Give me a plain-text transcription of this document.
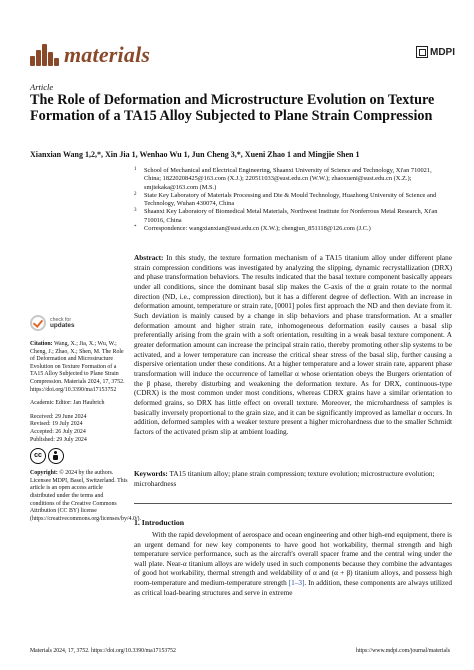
materials	MDPI
Article
The Role of Deformation and Microstructure Evolution on Texture Formation of a TA15 Alloy Subjected to Plane Strain Compression
Xianxian Wang 1,2,*, Xin Jia 1, Wenhao Wu 1, Jun Cheng 3,*, Xueni Zhao 1 and Mingjie Shen 1
1 School of Mechanical and Electrical Engineering, Shaanxi University of Science and Technology, Xi'an 710021, China; 18220208425@163.com (X.J.); 220511033@sust.edu.cn (W.W.); zhaoxueni@sust.edu.cn (X.Z.); smjiekaka@163.com (M.S.)
2 State Key Laboratory of Materials Processing and Die & Mould Technology, Huazhong University of Science and Technology, Wuhan 430074, China
3 Shaanxi Key Laboratory of Biomedical Metal Materials, Northwest Institute for Nonferrous Metal Research, Xi'an 710016, China
* Correspondence: wangxianxian@sust.edu.cn (X.W.); chengjun_851118@126.com (J.C.)
Abstract: In this study, the texture formation mechanism of a TA15 titanium alloy under different plane strain compression conditions was investigated by analyzing the slipping, dynamic recrystallization (DRX) and phase transformation behaviors. The results indicated that the basal texture component basically appears under all conditions, since the dominant basal slip makes the C-axis of the α grain rotate to the normal direction (ND, i.e., compression direction), but it has a different degree of deflection. With an increase in deformation amount, temperature or strain rate, [0001] poles first approach the ND and then deviate from it. Such deviation is mainly caused by a change in slip behaviors and phase transformation. At a smaller deformation amount and higher strain rate, inhomogeneous deformation easily causes a basal slip preferentially arising from the grain with a soft orientation, resulting in a weak basal texture component. A greater deformation amount can increase the principal strain ratio, thereby promoting other slip systems to be activated, and a lower temperature can increase the critical shear stress of the basal slip, further causing a dispersive orientation under these conditions. At a higher temperature and a lower strain rate, apparent phase transformation will induce the occurrence of lamellar α whose orientation obeys the Burgers orientation of the β phase, thereby disturbing and weakening the deformation texture. As for DRX, continuous-type (CDRX) is the most common under most conditions, whereas CDRX grains have a similar orientation to deformed grains, so DRX has little effect on overall texture. Moreover, the microhardness of samples is basically inversely proportional to the grain size, and it can be significantly improved as lamellar α occurs. In addition, deformed samples with a weaker texture present a higher microhardness due to the smaller Schmidt factors of the activated prism slip at ambient loading.
Keywords: TA15 titanium alloy; plane strain compression; texture evolution; microstructure evolution; microhardness
1. Introduction
With the rapid development of aerospace and ocean engineering and other high-end equipment, there is an urgent demand for new key components to have good hot workability, thermal strength and high temperature service performance, such as the aircraft's overall spacer frame and the central wing under the wall plate. Near-α titanium alloys are widely used in such components because they combine the advantages of good hot workability, thermal strength and weldability of α and (α + β) titanium alloys, and possess high room-temperature and medium-temperature strength [1–3]. In addition, these components are always utilized as critical load-bearing structures and serve in extreme
check for
updates
Citation: Wang, X.; Jia, X.; Wu, W.; Cheng, J.; Zhao, X.; Shen, M. The Role of Deformation and Microstructure Evolution on Texture Formation of a TA15 Alloy Subjected to Plane Strain Compression. Materials 2024, 17, 3752. https://doi.org/10.3390/ma17153752
Academic Editor: Jan Haubrich
Received: 29 June 2024
Revised: 19 July 2024
Accepted: 26 July 2024
Published: 29 July 2024
cc
Copyright: © 2024 by the authors. Licensee MDPI, Basel, Switzerland. This article is an open access article distributed under the terms and conditions of the Creative Commons Attribution (CC BY) license (https://creativecommons.org/licenses/by/4.0/).
Materials 2024, 17, 3752. https://doi.org/10.3390/ma17153752	https://www.mdpi.com/journal/materials
